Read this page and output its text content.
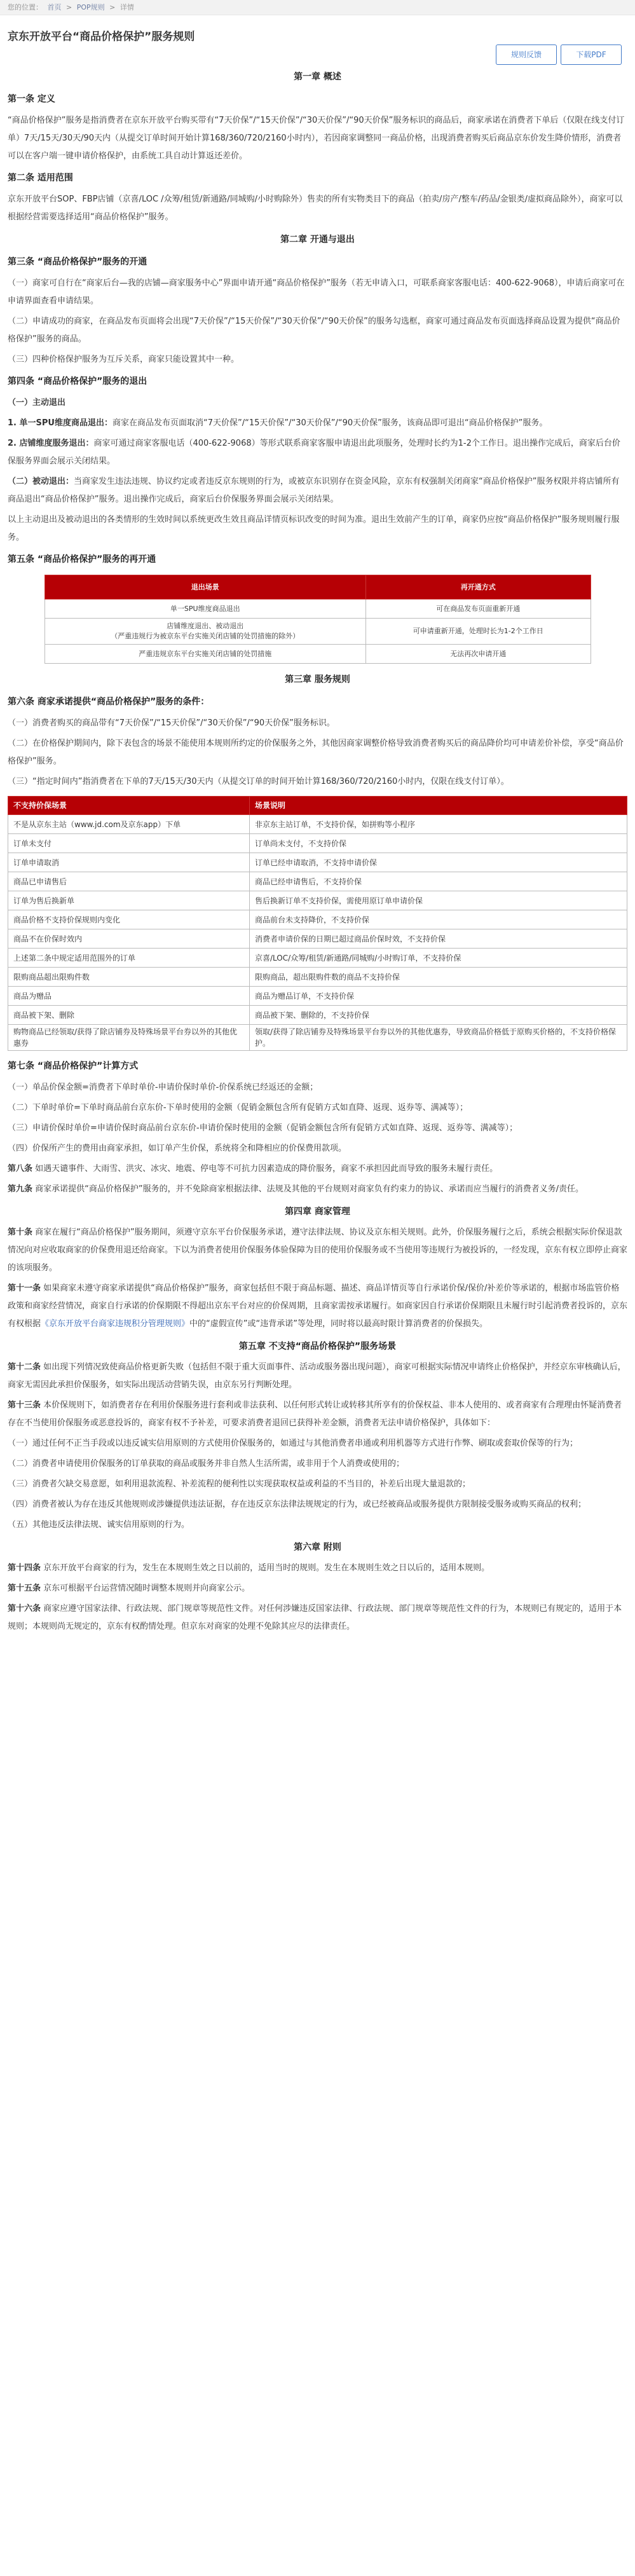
您的位置： 首页 > POP规则 > 详情
京东开放平台“商品价格保护”服务规则
规则反馈	下载PDF
第一章 概述
第一条 定义

“商品价格保护”服务是指消费者在京东开放平台购买带有“7天价保”/“15天价保”/“30天价保”/“90天价保”服务标识的商品后，商家承诺在消费者下单后（仅限在线支付订单）7天/15天/30天/90天内（从提交订单时间开始计算168/360/720/2160小时内），若因商家调整同一商品价格，出现消费者购买后商品京东价发生降价情形，消费者可以在客户端一键申请价格保护，由系统工具自动计算返还差价。

第二条 适用范围

京东开放平台SOP、FBP店铺（京喜/LOC /众筹/租赁/新通路/同城购/小时购除外）售卖的所有实物类目下的商品（拍卖/房产/整车/药品/金银类/虚拟商品除外），商家可以根据经营需要选择适用“商品价格保护”服务。

第二章 开通与退出
第三条 “商品价格保护”服务的开通

（一）商家可自行在“商家后台—我的店铺—商家服务中心”界面申请开通“商品价格保护”服务（若无申请入口，可联系商家客服电话：400-622-9068），申请后商家可在申请界面查看申请结果。

（二）申请成功的商家，在商品发布页面将会出现“7天价保”/“15天价保”/“30天价保”/“90天价保”的服务勾选框，商家可通过商品发布页面选择商品设置为提供“商品价格保护”服务的商品。

（三）四种价格保护服务为互斥关系，商家只能设置其中一种。

第四条 “商品价格保护”服务的退出

（一）主动退出

1. 单一SPU维度商品退出：商家在商品发布页面取消“7天价保”/“15天价保”/“30天价保”/“90天价保”服务，该商品即可退出“商品价格保护”服务。

2. 店铺维度服务退出：商家可通过商家客服电话（400-622-9068）等形式联系商家客服申请退出此项服务，处理时长约为1-2个工作日。退出操作完成后，商家后台价保服务界面会展示关闭结果。

（二）被动退出：当商家发生违法违规、协议约定或者违反京东规则的行为，或被京东识别存在资金风险，京东有权强制关闭商家“商品价格保护”服务权限并将店铺所有商品退出“商品价格保护”服务。退出操作完成后，商家后台价保服务界面会展示关闭结果。

以上主动退出及被动退出的各类情形的生效时间以系统更改生效且商品详情页标识改变的时间为准。退出生效前产生的订单，商家仍应按“商品价格保护”服务规则履行服务。

第五条 “商品价格保护”服务的再开通
退出场景	再开通方式
单一SPU维度商品退出	可在商品发布页面重新开通

店铺维度退出、被动退出
（严重违规行为被京东平台实施关闭店铺的处罚措施的除外）	可申请重新开通，处理时长为1-2个工作日
严重违规京东平台实施关闭店铺的处罚措施	无法再次申请开通
第三章 服务规则
第六条 商家承诺提供“商品价格保护”服务的条件：

（一）消费者购买的商品带有“7天价保”/“15天价保”/“30天价保”/“90天价保”服务标识。

（二）在价格保护期间内，除下表包含的场景不能使用本规则所约定的价保服务之外，其他因商家调整价格导致消费者购买后的商品降价均可申请差价补偿，享受“商品价格保护”服务。

（三）“指定时间内”指消费者在下单的7天/15天/30天内（从提交订单的时间开始计算168/360/720/2160小时内，仅限在线支付订单）。

不支持价保场景	场景说明
不是从京东主站（www.jd.com及京东app）下单	非京东主站订单，不支持价保，如拼购等小程序
订单未支付	订单尚未支付，不支持价保
订单申请取消	订单已经申请取消，不支持申请价保
商品已申请售后	商品已经申请售后，不支持价保
订单为售后换新单	售后换新订单不支持价保，需使用原订单申请价保
商品价格不支持价保规则内变化	商品前台未支持降价，不支持价保
商品不在价保时效内	消费者申请价保的日期已超过商品价保时效，不支持价保
上述第二条中规定适用范围外的订单	京喜/LOC/众筹/租赁/新通路/同城购/小时购订单，不支持价保
限购商品超出限购件数	限购商品，超出限购件数的商品不支持价保
商品为赠品	商品为赠品订单，不支持价保
商品被下架、删除	商品被下架、删除的，不支持价保
购物商品已经领取/获得了除店铺券及特殊场景平台券以外的其他优惠券	领取/获得了除店铺券及特殊场景平台券以外的其他优惠券，导致商品价格低于原购买价格的，不支持价格保护。
第七条 “商品价格保护”计算方式

（一）单品价保金额=消费者下单时单价-申请价保时单价-价保系统已经返还的金额；

（二）下单时单价=下单时商品前台京东价-下单时使用的金额（促销金额包含所有促销方式如直降、返现、返券等、满减等）；

（三）申请价保时单价=申请价保时商品前台京东价-申请价保时使用的金额（促销金额包含所有促销方式如直降、返现、返券等、满减等）；

（四）价保所产生的费用由商家承担，如订单产生价保，系统将全和降相应的价保费用款项。

第八条 如遇天谴事件、大雨雪、洪灾、冰灾、地震、停电等不可抗力因素造成的降价服务，商家不承担因此而导致的服务未履行责任。

第九条 商家承诺提供“商品价格保护”服务的，并不免除商家根据法律、法规及其他的平台规则对商家负有约束力的协议、承诺而应当履行的消费者义务/责任。

第四章 商家管理

第十条 商家在履行“商品价格保护”服务期间，须遵守京东平台价保服务承诺，遵守法律法规、协议及京东相关规则。此外，价保服务履行之后，系统会根据实际价保退款情况向对应收取商家的价保费用退还给商家。下以为消费者使用价保服务体验保障为目的使用价保服务或不当使用等违规行为被投诉的，一经发现，京东有权立即停止商家的该项服务。

第十一条 如果商家未遵守商家承诺提供“商品价格保护”服务，商家包括但不限于商品标题、描述、商品详情页等自行承诺价保/保价/补差价等承诺的，根据市场监管价格政策和商家经营情况，商家自行承诺的价保期限不得超出京东平台对应的价保周期，且商家需按承诺履行。如商家因自行承诺价保期限且未履行时引起消费者投诉的，京东有权根据《京东开放平台商家违规积分管理规则》中的“虚假宣传”或“违背承诺”等处理，同时将以最高时限计算消费者的价保损失。

第五章 不支持“商品价格保护”服务场景

第十二条 如出现下列情况致使商品价格更新失败（包括但不限于重大页面事件、活动或服务器出现问题），商家可根据实际情况申请终止价格保护，并经京东审核确认后，商家无需因此承担价保服务，如实际出现活动营销失误，由京东另行判断处理。

第十三条 本价保规则下，如消费者存在利用价保服务进行套利或非法获利、以任何形式转让或转移其所享有的价保权益、非本人使用的、或者商家有合理理由怀疑消费者存在不当使用价保服务或恶意投诉的，商家有权不予补差，可要求消费者退回已获得补差金额，消费者无法申请价格保护，具体如下：

（一）通过任何不正当手段或以违反诚实信用原则的方式使用价保服务的，如通过与其他消费者串通或利用机器等方式进行作弊、刷取或套取价保等的行为；

（二）消费者申请使用价保服务的订单获取的商品或服务并非自然人生活所需，或非用于个人消费或使用的；

（三）消费者欠缺交易意愿，如利用退款流程、补差流程的便利性以实现获取权益或利益的不当目的，补差后出现大量退款的；

（四）消费者被认为存在违反其他规则或涉嫌提供违法证据，存在违反京东法律法规规定的行为，或已经被商品或服务提供方限制接受服务或购买商品的权利；

（五）其他违反法律法规、诚实信用原则的行为。

第六章 附则

第十四条 京东开放平台商家的行为，发生在本规则生效之日以前的，适用当时的规则。发生在本规则生效之日以后的，适用本规则。

第十五条 京东可根据平台运营情况随时调整本规则并向商家公示。

第十六条 商家应遵守国家法律、行政法规、部门规章等规范性文件。对任何涉嫌违反国家法律、行政法规、部门规章等规范性文件的行为，本规则已有规定的，适用于本规则；本规则尚无规定的，京东有权酌情处理。但京东对商家的处理不免除其应尽的法律责任。
